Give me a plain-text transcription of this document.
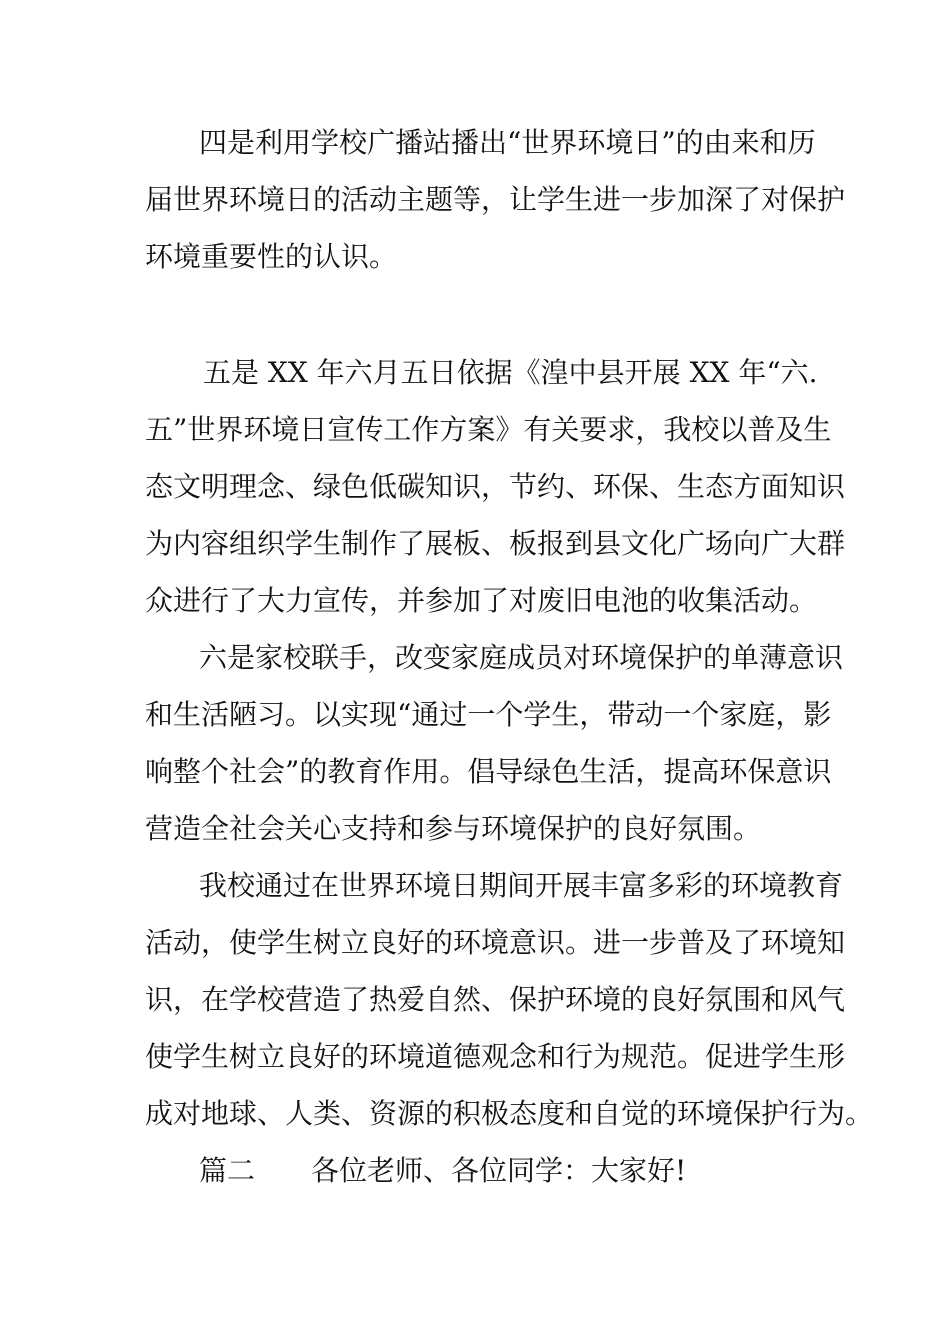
四是利用学校广播站播出“世界环境日”的由来和历
届世界环境日的活动主题等，让学生进一步加深了对保护
环境重要性的认识。
五是 XX 年六月五日依据《湟中县开展 XX 年“六.
五”世界环境日宣传工作方案》有关要求，我校以普及生
态文明理念、绿色低碳知识，节约、环保、生态方面知识
为内容组织学生制作了展板、板报到县文化广场向广大群
众进行了大力宣传，并参加了对废旧电池的收集活动。
六是家校联手，改变家庭成员对环境保护的单薄意识
和生活陋习。以实现“通过一个学生，带动一个家庭，影
响整个社会”的教育作用。倡导绿色生活，提高环保意识
营造全社会关心支持和参与环境保护的良好氛围。
我校通过在世界环境日期间开展丰富多彩的环境教育
活动，使学生树立良好的环境意识。进一步普及了环境知
识，在学校营造了热爱自然、保护环境的良好氛围和风气
使学生树立良好的环境道德观念和行为规范。促进学生形
成对地球、人类、资源的积极态度和自觉的环境保护行为。
篇二　　各位老师、各位同学：大家好!
